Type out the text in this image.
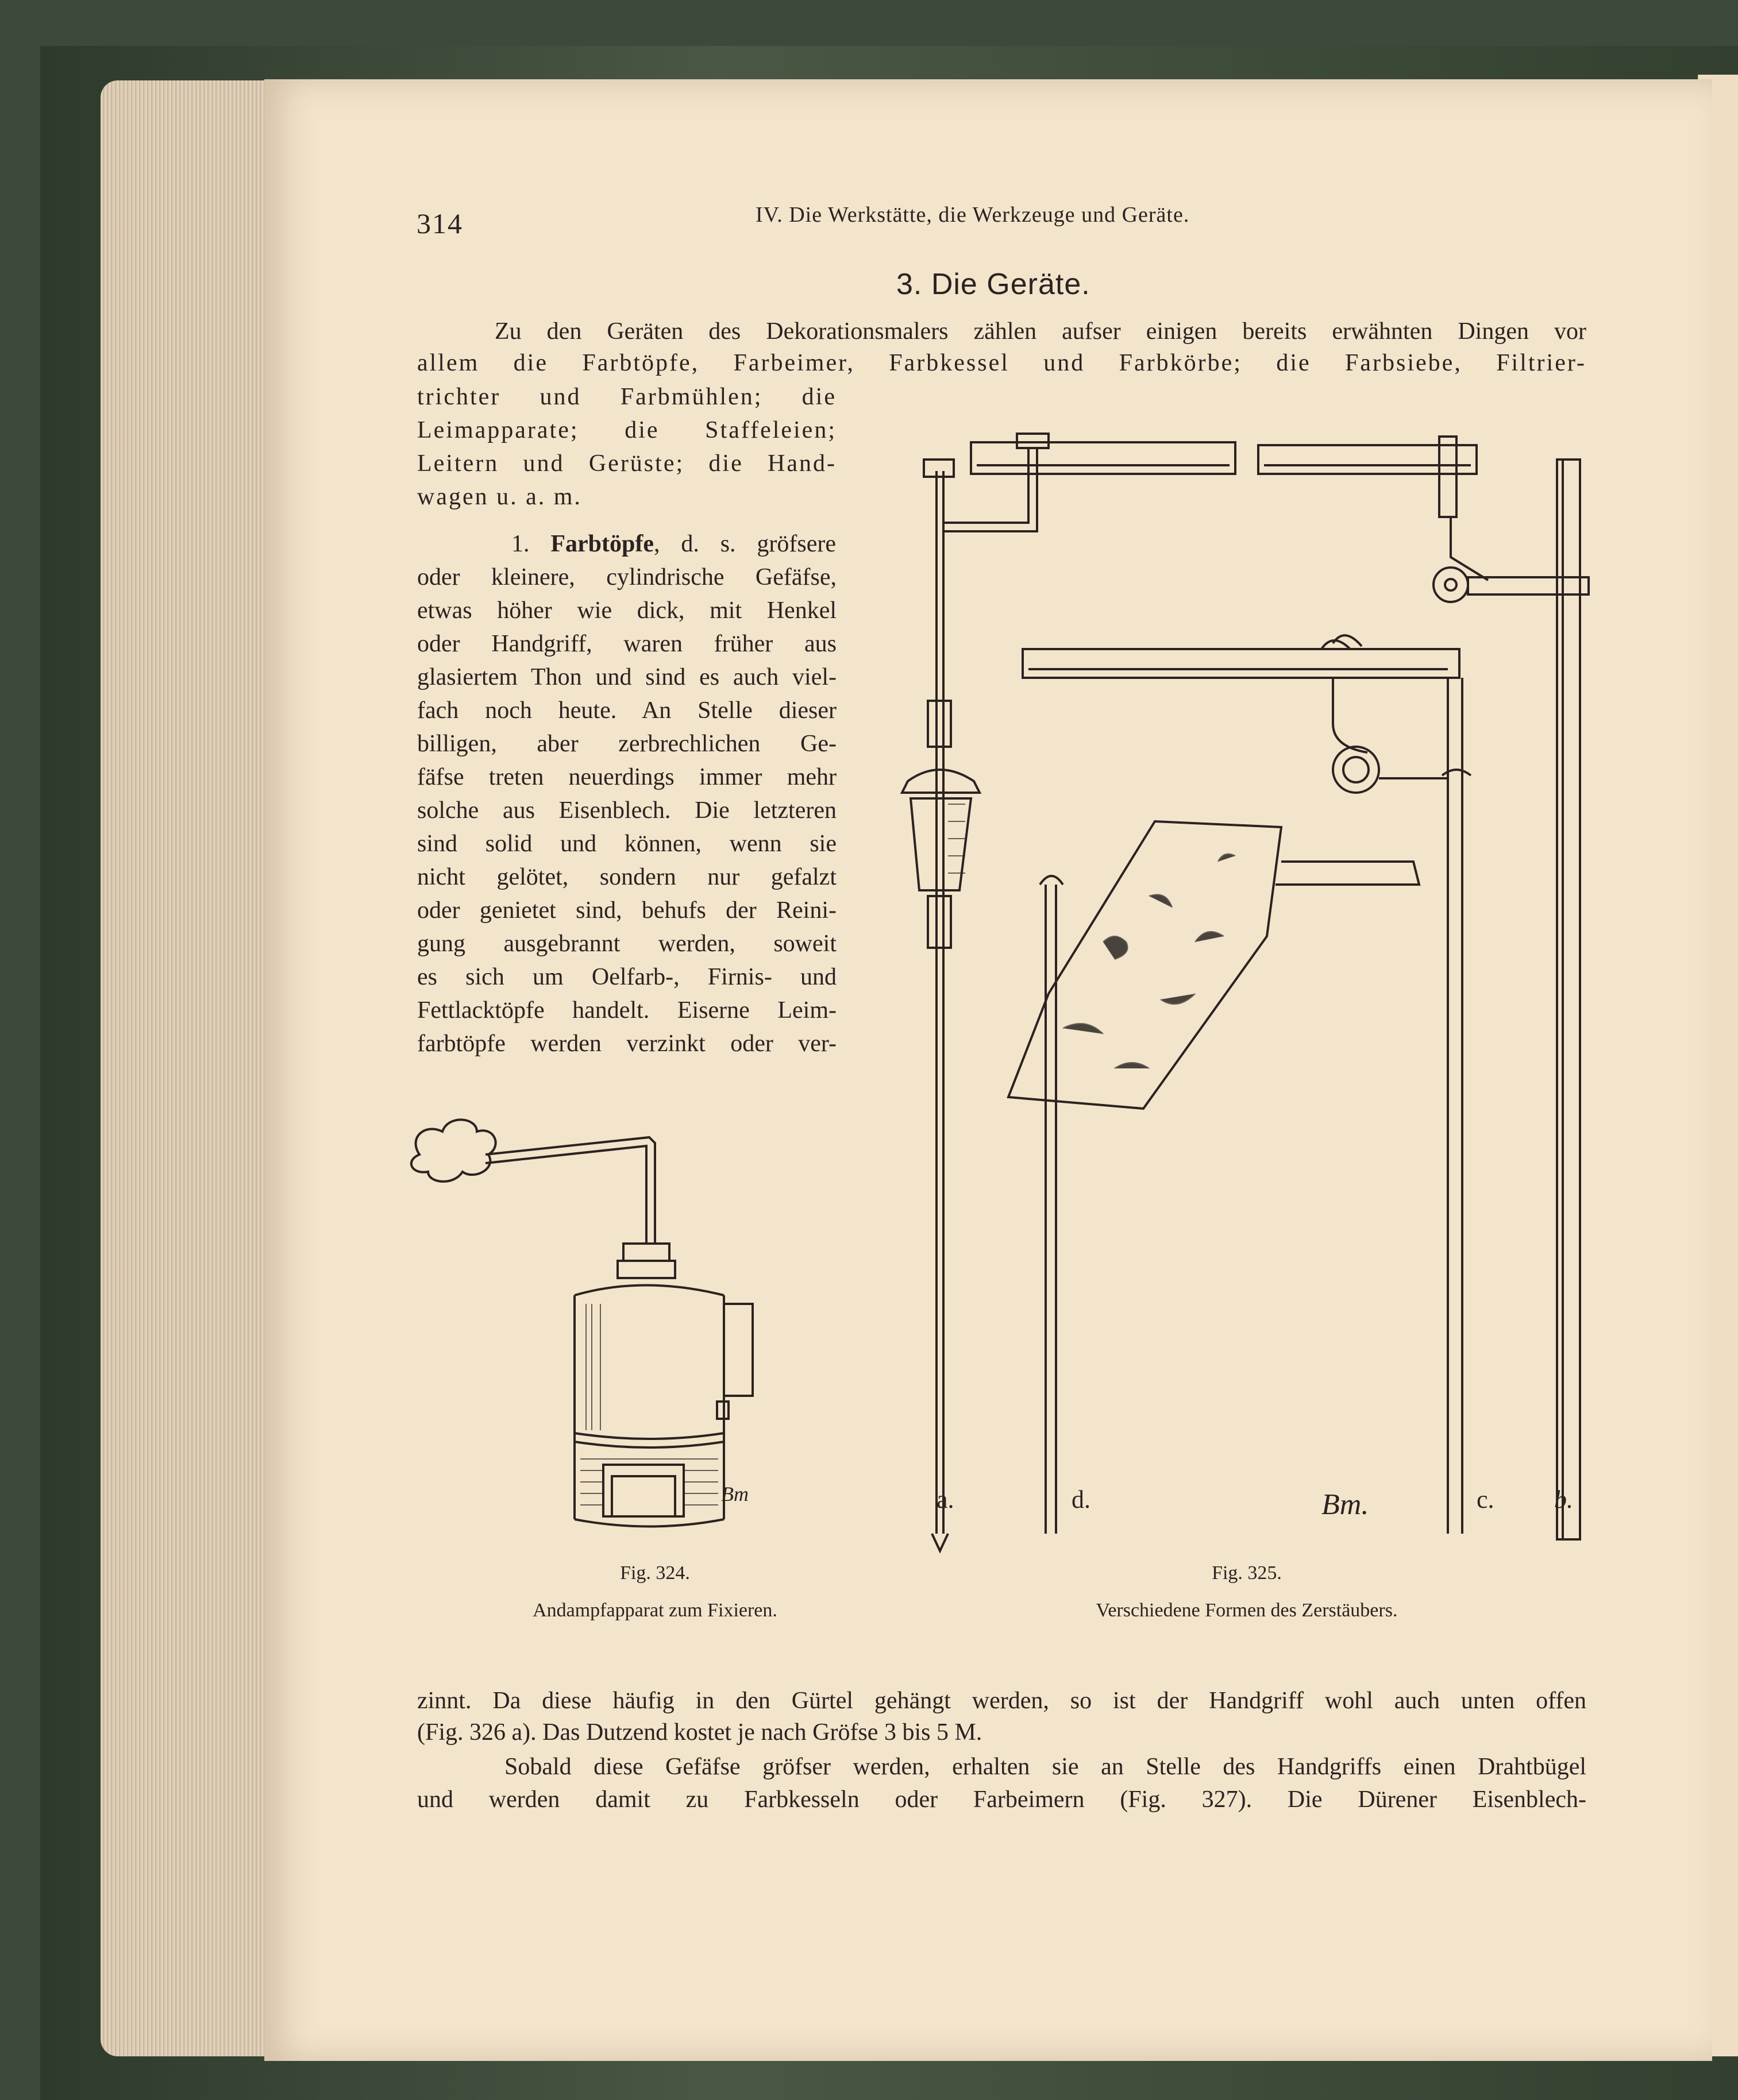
314	IV. Die Werkstätte, die Werkzeuge und Geräte.
3. Die Geräte.
Zu den Geräten des Dekorationsmalers zählen aufser einigen bereits erwähnten Dingen vor
allem die Farbtöpfe, Farbeimer, Farbkessel und Farbkörbe; die Farbsiebe, Filtrier-
trichter und Farbmühlen; die
Leimapparate; die Staffeleien;
Leitern und Gerüste; die Hand-
wagen u. a. m.
1. Farbtöpfe, d. s. gröfsere
oder kleinere, cylindrische Gefäfse,
etwas höher wie dick, mit Henkel
oder Handgriff, waren früher aus
glasiertem Thon und sind es auch viel-
fach noch heute. An Stelle dieser
billigen, aber zerbrechlichen Ge-
fäfse treten neuerdings immer mehr
solche aus Eisenblech. Die letzteren
sind solid und können, wenn sie
nicht gelötet, sondern nur gefalzt
oder genietet sind, behufs der Reini-
gung ausgebrannt werden, soweit
es sich um Oelfarb-, Firnis- und
Fettlacktöpfe handelt. Eiserne Leim-
farbtöpfe werden verzinkt oder ver-
Bm	a.	d.	Bm.	c. b.
Fig. 324.
Andampfapparat zum Fixieren.
Fig. 325.
Verschiedene Formen des Zerstäubers.
zinnt. Da diese häufig in den Gürtel gehängt werden, so ist der Handgriff wohl auch unten offen
(Fig. 326 a). Das Dutzend kostet je nach Gröfse 3 bis 5 M.
Sobald diese Gefäfse gröfser werden, erhalten sie an Stelle des Handgriffs einen Drahtbügel
und werden damit zu Farbkesseln oder Farbeimern (Fig. 327). Die Dürener Eisenblech-
